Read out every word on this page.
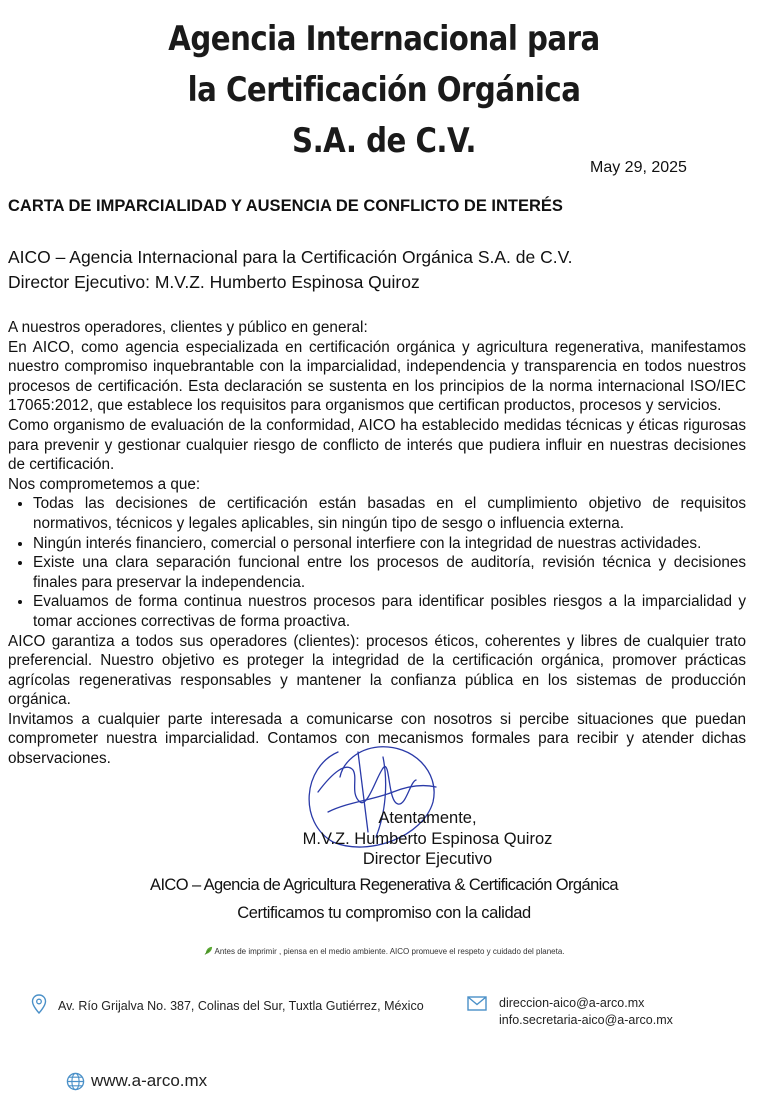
Agencia Internacional para
la Certificación Orgánica
S.A. de C.V.
May 29, 2025
CARTA DE IMPARCIALIDAD Y AUSENCIA DE CONFLICTO DE INTERÉS
AICO – Agencia Internacional para la Certificación Orgánica S.A. de C.V.
Director Ejecutivo: M.V.Z. Humberto Espinosa Quiroz

A nuestros operadores, clientes y público en general:

En AICO, como agencia especializada en certificación orgánica y agricultura regenerativa, manifestamos nuestro compromiso inquebrantable con la imparcialidad, independencia y transparencia en todos nuestros procesos de certificación. Esta declaración se sustenta en los principios de la norma internacional ISO/IEC 17065:2012, que establece los requisitos para organismos que certifican productos, procesos y servicios.

Como organismo de evaluación de la conformidad, AICO ha establecido medidas técnicas y éticas rigurosas para prevenir y gestionar cualquier riesgo de conflicto de interés que pudiera influir en nuestras decisiones de certificación.

Nos comprometemos a que:

• Todas las decisiones de certificación están basadas en el cumplimiento objetivo de requisitos normativos, técnicos y legales aplicables, sin ningún tipo de sesgo o influencia externa.
• Ningún interés financiero, comercial o personal interfiere con la integridad de nuestras actividades.
• Existe una clara separación funcional entre los procesos de auditoría, revisión técnica y decisiones finales para preservar la independencia.
• Evaluamos de forma continua nuestros procesos para identificar posibles riesgos a la imparcialidad y tomar acciones correctivas de forma proactiva.

AICO garantiza a todos sus operadores (clientes): procesos éticos, coherentes y libres de cualquier trato preferencial. Nuestro objetivo es proteger la integridad de la certificación orgánica, promover prácticas agrícolas regenerativas responsables y mantener la confianza pública en los sistemas de producción orgánica.

Invitamos a cualquier parte interesada a comunicarse con nosotros si percibe situaciones que puedan comprometer nuestra imparcialidad. Contamos con mecanismos formales para recibir y atender dichas observaciones.

Atentamente,
M.V.Z. Humberto Espinosa Quiroz
Director Ejecutivo
AICO – Agencia de Agricultura Regenerativa & Certificación Orgánica
Certificamos tu compromiso con la calidad
Antes de imprimir , piensa en el medio ambiente. AICO promueve el respeto y cuidado del planeta.
Av. Río Grijalva No. 387, Colinas del Sur, Tuxtla Gutiérrez, México	direccion-aico@a-arco.mx
info.secretaria-aico@a-arco.mx
www.a-arco.mx
